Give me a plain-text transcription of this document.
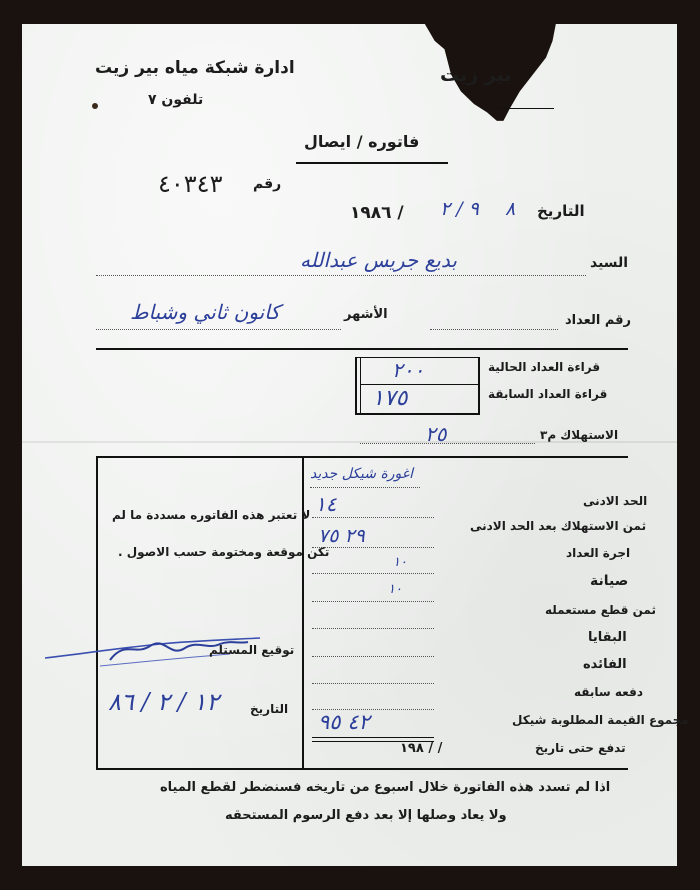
ادارة شبكة مياه بير زيت
تلفون ٧
بير زيت
فاتوره / ايصال
رقم
٤٠٣٤٣
التاريخ
٩ / ٢ ٨
/ ١٩٨٦
السيد
بديع جريس عبدالله
رقم العداد
الأشهر
كانون ثاني وشباط
قراءة العداد الحالية
٢٠٠
قراءة العداد السابقة
١٧٥
الاستهلاك م٣
٢٥
اغورة شيكل جديد
الحد الادنى
١٤
ثمن الاستهلاك بعد الحد الادنى
٢٩ ٧٥
اجرة العداد
١٠
صيانة
١٠
ثمن قطع مستعمله
البقايا
الفائده
دفعه سابقه
مجموع القيمة المطلوبة شيكل
٤٢ ٩٥
تدفع حتى تاريخ
/ / ١٩٨
لا تعتبر هذه الفاتوره مسددة ما لم
تكن موقعة ومختومة حسب الاصول .
توقيع المستلم
التاريخ
١٢ / ٢ / ٨٦
اذا لم تسدد هذه الفاتورة خلال اسبوع من تاريخه فسنضطر لقطع المياه
ولا يعاد وصلها إلا بعد دفع الرسوم المستحقه
